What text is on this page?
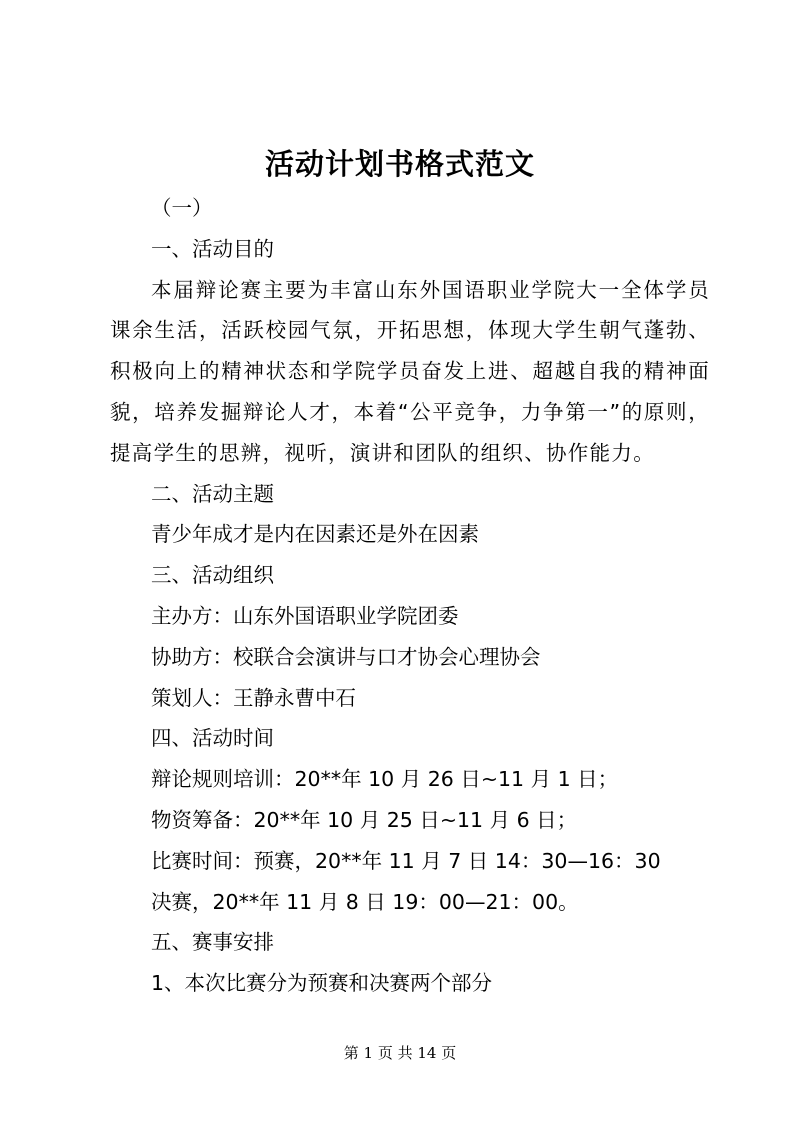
活动计划书格式范文

（一）

一、活动目的

本届辩论赛主要为丰富山东外国语职业学院大一全体学员课余生活，活跃校园气氛，开拓思想，体现大学生朝气蓬勃、积极向上的精神状态和学院学员奋发上进、超越自我的精神面貌，培养发掘辩论人才，本着“公平竞争，力争第一”的原则，提高学生的思辨，视听，演讲和团队的组织、协作能力。

二、活动主题

青少年成才是内在因素还是外在因素

三、活动组织

主办方：山东外国语职业学院团委

协助方：校联合会演讲与口才协会心理协会

策划人：王静永曹中石

四、活动时间

辩论规则培训：20**年 10 月 26 日~11 月 1 日；

物资筹备：20**年 10 月 25 日~11 月 6 日；

比赛时间：预赛，20**年 11 月 7 日 14：30—16：30

决赛，20**年 11 月 8 日 19：00—21：00。

五、赛事安排

1、本次比赛分为预赛和决赛两个部分

第 1 页 共 14 页
